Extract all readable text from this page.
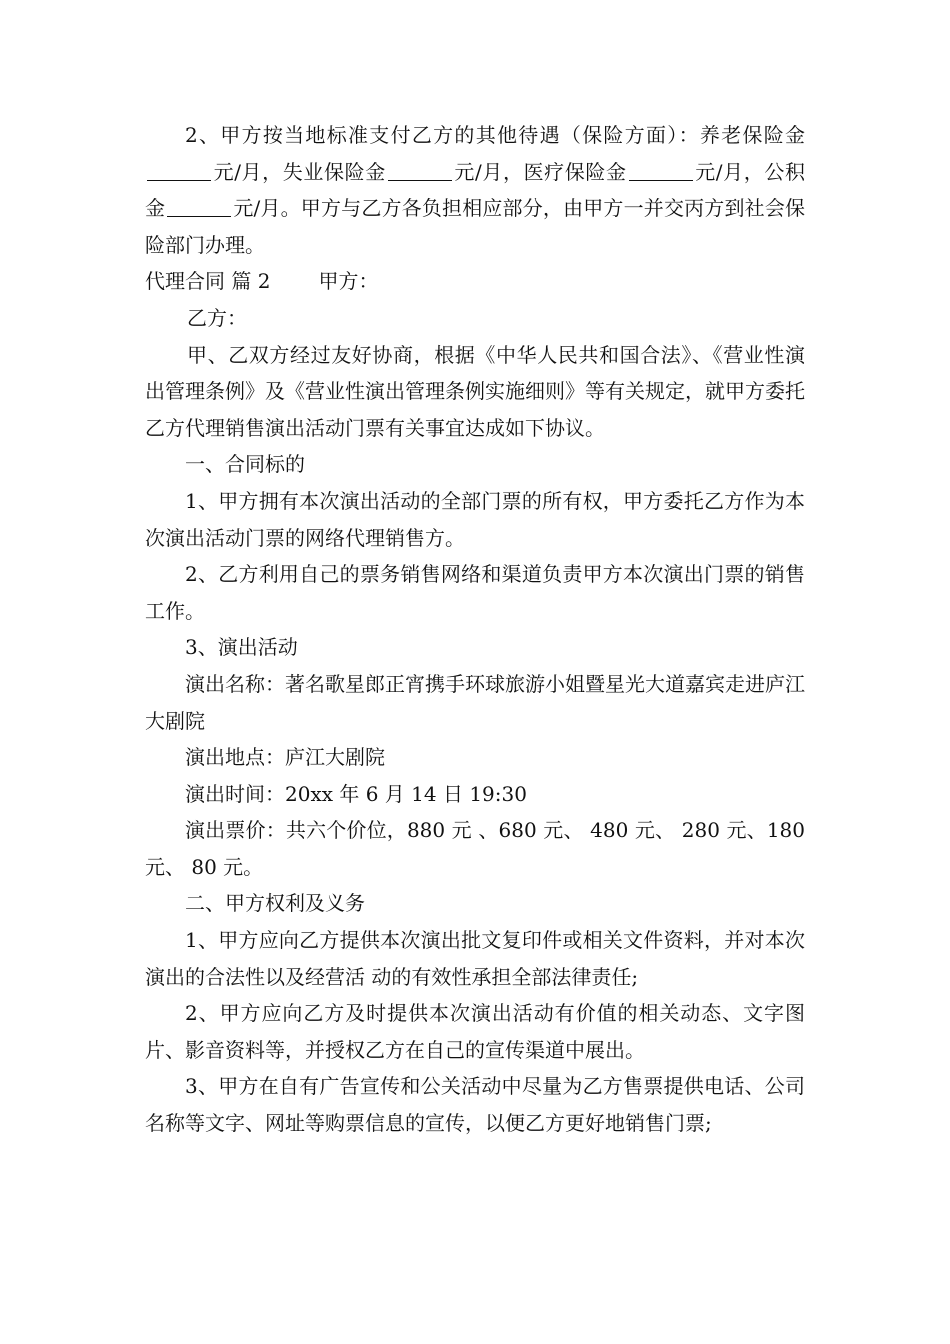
2、甲方按当地标准支付乙方的其他待遇（保险方面）：养老保险金元/月，失业保险金	元/月，医疗保险金	元/月，公积金	元/月。甲方与乙方各负担相应部分，由甲方一并交丙方到社会保险部门办理。

代理合同 篇 2 甲方：

乙方：

甲、乙双方经过友好协商，根据《中华人民共和国合法》、《营业性演出管理条例》及《营业性演出管理条例实施细则》等有关规定，就甲方委托乙方代理销售演出活动门票有关事宜达成如下协议。

一、合同标的

1、甲方拥有本次演出活动的全部门票的所有权，甲方委托乙方作为本次演出活动门票的网络代理销售方。

2、乙方利用自己的票务销售网络和渠道负责甲方本次演出门票的销售工作。

3、演出活动

演出名称：著名歌星郎正宵携手环球旅游小姐暨星光大道嘉宾走进庐江大剧院

演出地点：庐江大剧院

演出时间：20xx 年 6 月 14 日 19:30

演出票价：共六个价位，880 元 、680 元、 480 元、 280 元、180 元、 80 元。

二、甲方权利及义务

1、甲方应向乙方提供本次演出批文复印件或相关文件资料，并对本次演出的合法性以及经营活 动的有效性承担全部法律责任;

2、甲方应向乙方及时提供本次演出活动有价值的相关动态、文字图片、影音资料等，并授权乙方在自己的宣传渠道中展出。

3、甲方在自有广告宣传和公关活动中尽量为乙方售票提供电话、公司名称等文字、网址等购票信息的宣传，以便乙方更好地销售门票;
